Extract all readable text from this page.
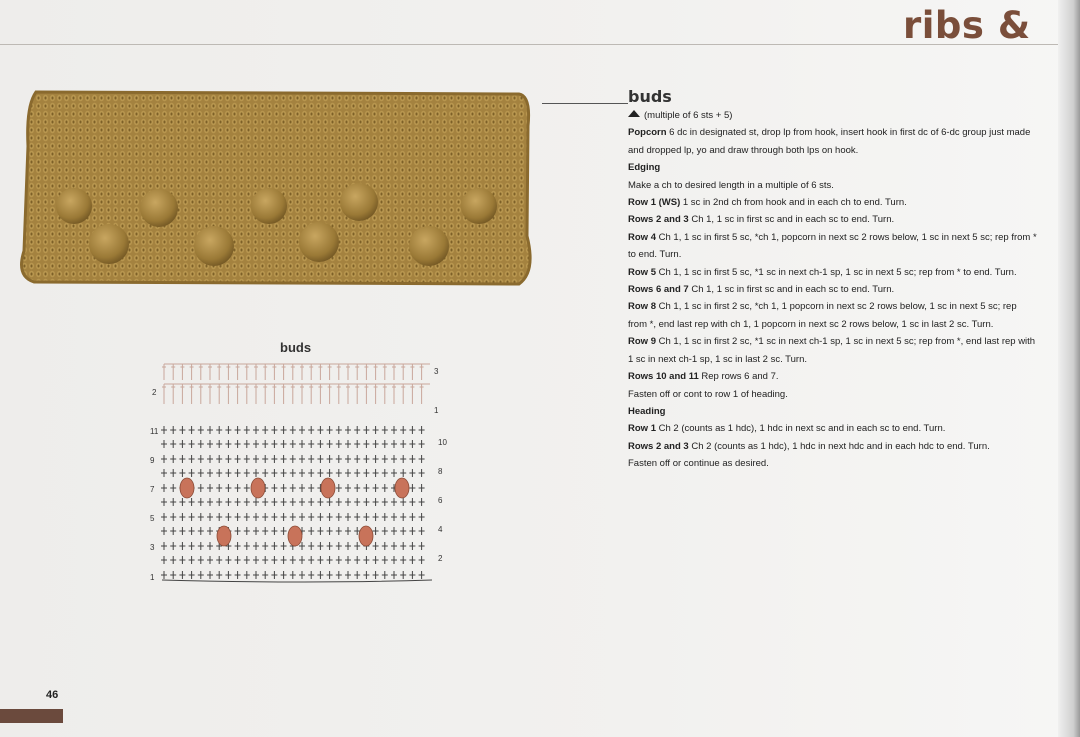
ribs &
buds
11
9
7
5
3
1
2
3
1
10
8
6
4
2
buds

(multiple of 6 sts + 5)

Popcorn 6 dc in designated st, drop lp from hook, insert hook in first dc of 6-dc group just made and dropped lp, yo and draw through both lps on hook.

Edging

Make a ch to desired length in a multiple of 6 sts.

Row 1 (WS) 1 sc in 2nd ch from hook and in each ch to end. Turn.

Rows 2 and 3 Ch 1, 1 sc in first sc and in each sc to end. Turn.

Row 4 Ch 1, 1 sc in first 5 sc, *ch 1, popcorn in next sc 2 rows below, 1 sc in next 5 sc; rep from * to end. Turn.

Row 5 Ch 1, 1 sc in first 5 sc, *1 sc in next ch-1 sp, 1 sc in next 5 sc; rep from * to end. Turn.

Rows 6 and 7 Ch 1, 1 sc in first sc and in each sc to end. Turn.

Row 8 Ch 1, 1 sc in first 2 sc, *ch 1, 1 popcorn in next sc 2 rows below, 1 sc in next 5 sc; rep from *, end last rep with ch 1, 1 popcorn in next sc 2 rows below, 1 sc in last 2 sc. Turn.

Row 9 Ch 1, 1 sc in first 2 sc, *1 sc in next ch-1 sp, 1 sc in next 5 sc; rep from *, end last rep with 1 sc in next ch-1 sp, 1 sc in last 2 sc. Turn.

Rows 10 and 11 Rep rows 6 and 7.

Fasten off or cont to row 1 of heading.

Heading

Row 1 Ch 2 (counts as 1 hdc), 1 hdc in next sc and in each sc to end. Turn.

Rows 2 and 3 Ch 2 (counts as 1 hdc), 1 hdc in next hdc and in each hdc to end. Turn.

Fasten off or continue as desired.

46
